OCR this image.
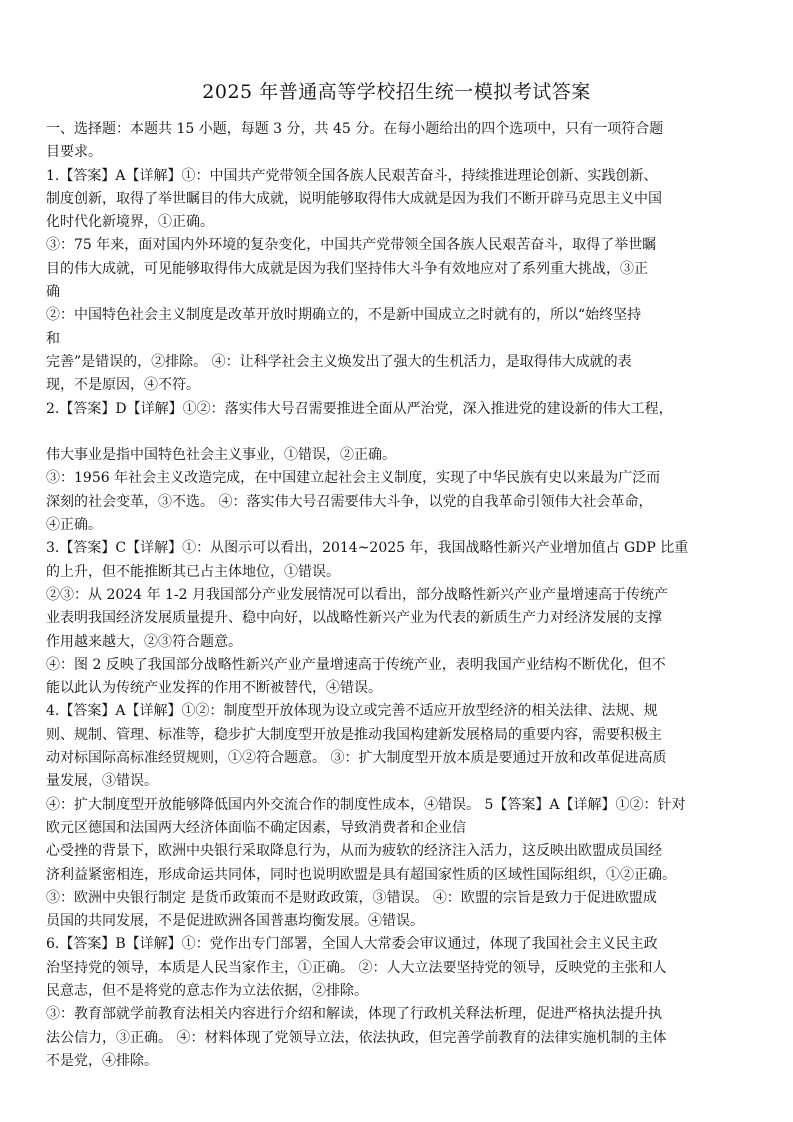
2025 年普通高等学校招生统一模拟考试答案
一、选择题：本题共 15 小题，每题 3 分，共 45 分。在每小题给出的四个选项中，只有一项符合题
目要求。
1.【答案】A【详解】①：中国共产党带领全国各族人民艰苦奋斗，持续推进理论创新、实践创新、
制度创新，取得了举世瞩目的伟大成就，说明能够取得伟大成就是因为我们不断开辟马克思主义中国
化时代化新境界，①正确。
③：75 年来，面对国内外环境的复杂变化，中国共产党带领全国各族人民艰苦奋斗，取得了举世瞩
目的伟大成就，可见能够取得伟大成就是因为我们坚持伟大斗争有效地应对了系列重大挑战，③正
确
②：中国特色社会主义制度是改革开放时期确立的，不是新中国成立之时就有的，所以“始终坚持
和
完善”是错误的，②排除。 ④：让科学社会主义焕发出了强大的生机活力，是取得伟大成就的表
现，不是原因，④不符。
2.【答案】D【详解】①②：落实伟大号召需要推进全面从严治党，深入推进党的建设新的伟大工程，
伟大事业是指中国特色社会主义事业，①错误，②正确。
③：1956 年社会主义改造完成，在中国建立起社会主义制度，实现了中华民族有史以来最为广泛而
深刻的社会变革，③不选。 ④：落实伟大号召需要伟大斗争，以党的自我革命引领伟大社会革命，
④正确。
3.【答案】C【详解】①：从图示可以看出，2014~2025 年，我国战略性新兴产业增加值占 GDP 比重
的上升，但不能推断其已占主体地位，①错误。
②③：从 2024 年 1-2 月我国部分产业发展情况可以看出，部分战略性新兴产业产量增速高于传统产
业表明我国经济发展质量提升、稳中向好，以战略性新兴产业为代表的新质生产力对经济发展的支撑
作用越来越大，②③符合题意。
④：图 2 反映了我国部分战略性新兴产业产量增速高于传统产业，表明我国产业结构不断优化，但不
能以此认为传统产业发挥的作用不断被替代，④错误。
4.【答案】A【详解】①②：制度型开放体现为设立或完善不适应开放型经济的相关法律、法规、规
则、规制、管理、标准等，稳步扩大制度型开放是推动我国构建新发展格局的重要内容，需要积极主
动对标国际高标准经贸规则，①②符合题意。 ③：扩大制度型开放本质是要通过开放和改革促进高质
量发展，③错误。
④：扩大制度型开放能够降低国内外交流合作的制度性成本，④错误。 5【答案】A【详解】①②：针对
欧元区德国和法国两大经济体面临不确定因素，导致消费者和企业信
心受挫的背景下，欧洲中央银行采取降息行为，从而为疲软的经济注入活力，这反映出欧盟成员国经
济利益紧密相连，形成命运共同体，同时也说明欧盟是具有超国家性质的区域性国际组织，①②正确。
③：欧洲中央银行制定 是货币政策而不是财政政策，③错误。 ④：欧盟的宗旨是致力于促进欧盟成
员国的共同发展，不是促进欧洲各国普惠均衡发展。④错误。
6.【答案】B【详解】①：党作出专门部署，全国人大常委会审议通过，体现了我国社会主义民主政
治坚持党的领导，本质是人民当家作主，①正确。 ②：人大立法要坚持党的领导，反映党的主张和人
民意志，但不是将党的意志作为立法依据，②排除。
③：教育部就学前教育法相关内容进行介绍和解读，体现了行政机关释法析理，促进严格执法提升执
法公信力，③正确。 ④：材料体现了党领导立法，依法执政，但完善学前教育的法律实施机制的主体
不是党，④排除。
